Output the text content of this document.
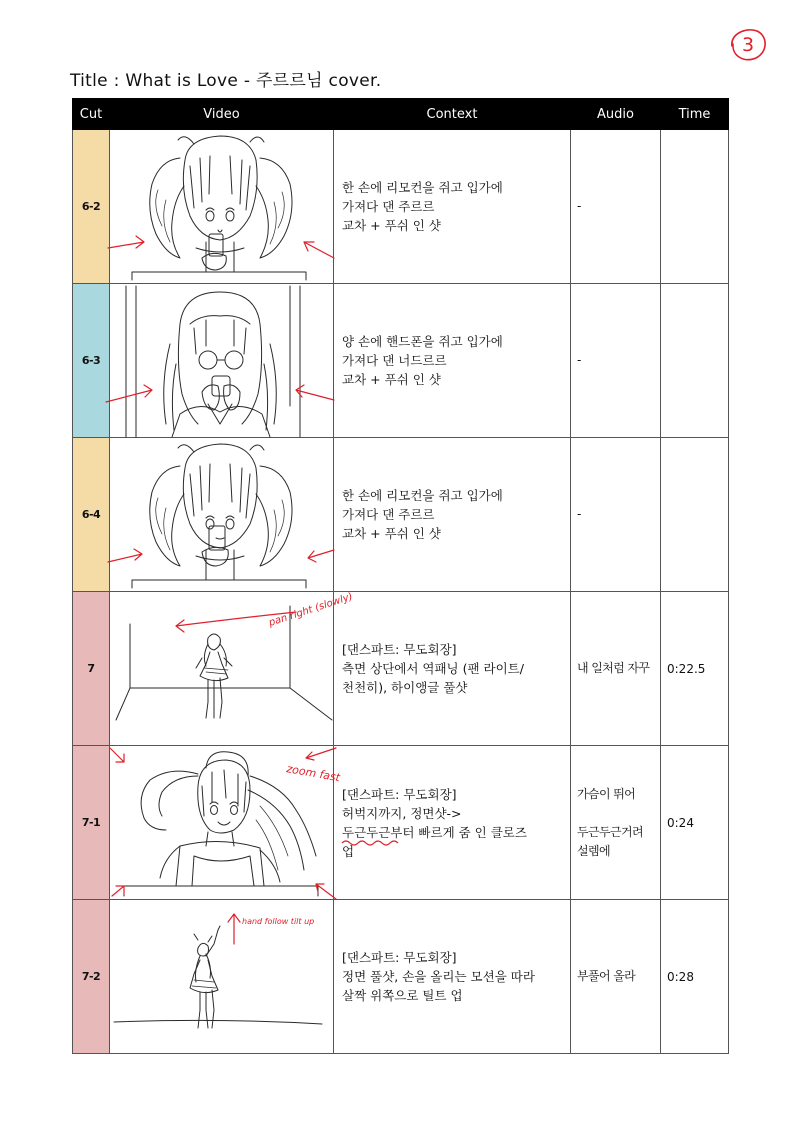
3
Title : What is Love - 주르르님 cover.
Cut	Video	Context	Audio	Time
6-2		한 손에 리모컨을 쥐고 입가에
가져다 댄 주르르
교차 + 푸쉬 인 샷	-	

6-3		양 손에 핸드폰을 쥐고 입가에
가져다 댄 너드르르
교차 + 푸쉬 인 샷	-	

6-4		한 손에 리모컨을 쥐고 입가에
가져다 댄 주르르
교차 + 푸쉬 인 샷	-	

7	pan right (slowly)	[댄스파트: 무도회장]
측면 상단에서 역패닝 (팬 라이트/
천천히), 하이앵글 풀샷	내 일처럼 자꾸	0:22.5
7-1	zoom fast	[댄스파트: 무도회장]
허벅지까지, 정면샷->
두근두근부터 빠르게 줌 인 클로즈
업	가슴이 뛰어
두근두근거려
설렘에	0:24
7-2	hand follow tilt up	[댄스파트: 무도회장]
정면 풀샷, 손을 올리는 모션을 따라
살짝 위쪽으로 틸트 업	부풀어 올라	0:28
